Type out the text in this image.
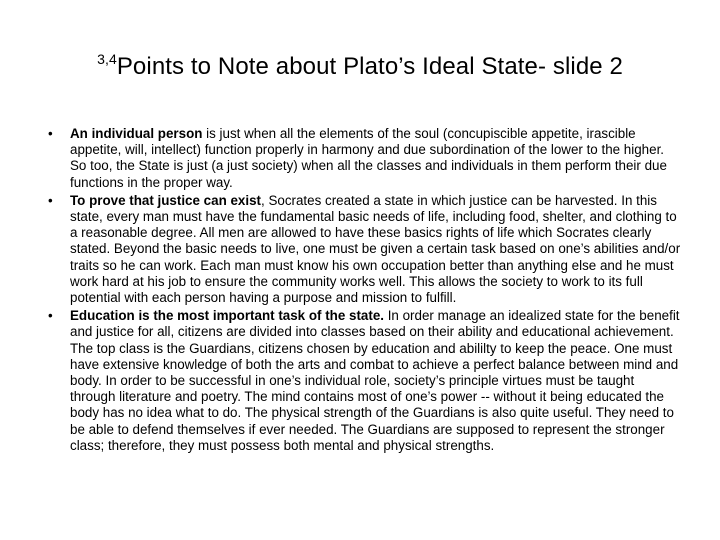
$^{3,4}$Points to Note about Plato’s Ideal State- slide 2
• An individual person is just when all the elements of the soul (concupiscible appetite, irascible appetite, will, intellect) function properly in harmony and due subordination of the lower to the higher. So too, the State is just (a just society) when all the classes and individuals in them perform their due functions in the proper way.
• To prove that justice can exist, Socrates created a state in which justice can be harvested. In this state, every man must have the fundamental basic needs of life, including food, shelter, and clothing to a reasonable degree. All men are allowed to have these basics rights of life which Socrates clearly stated. Beyond the basic needs to live, one must be given a certain task based on one’s abilities and/or traits so he can work. Each man must know his own occupation better than anything else and he must work hard at his job to ensure the community works well. This allows the society to work to its full potential with each person having a purpose and mission to fulfill.
• Education is the most important task of the state. In order manage an idealized state for the benefit and justice for all, citizens are divided into classes based on their ability and educational achievement. The top class is the Guardians, citizens chosen by education and abililty to keep the peace. One must have extensive knowledge of both the arts and combat to achieve a perfect balance between mind and body. In order to be successful in one’s individual role, society’s principle virtues must be taught through literature and poetry. The mind contains most of one’s power -- without it being educated the body has no idea what to do. The physical strength of the Guardians is also quite useful. They need to be able to defend themselves if ever needed. The Guardians are supposed to represent the stronger class; therefore, they must possess both mental and physical strengths.
